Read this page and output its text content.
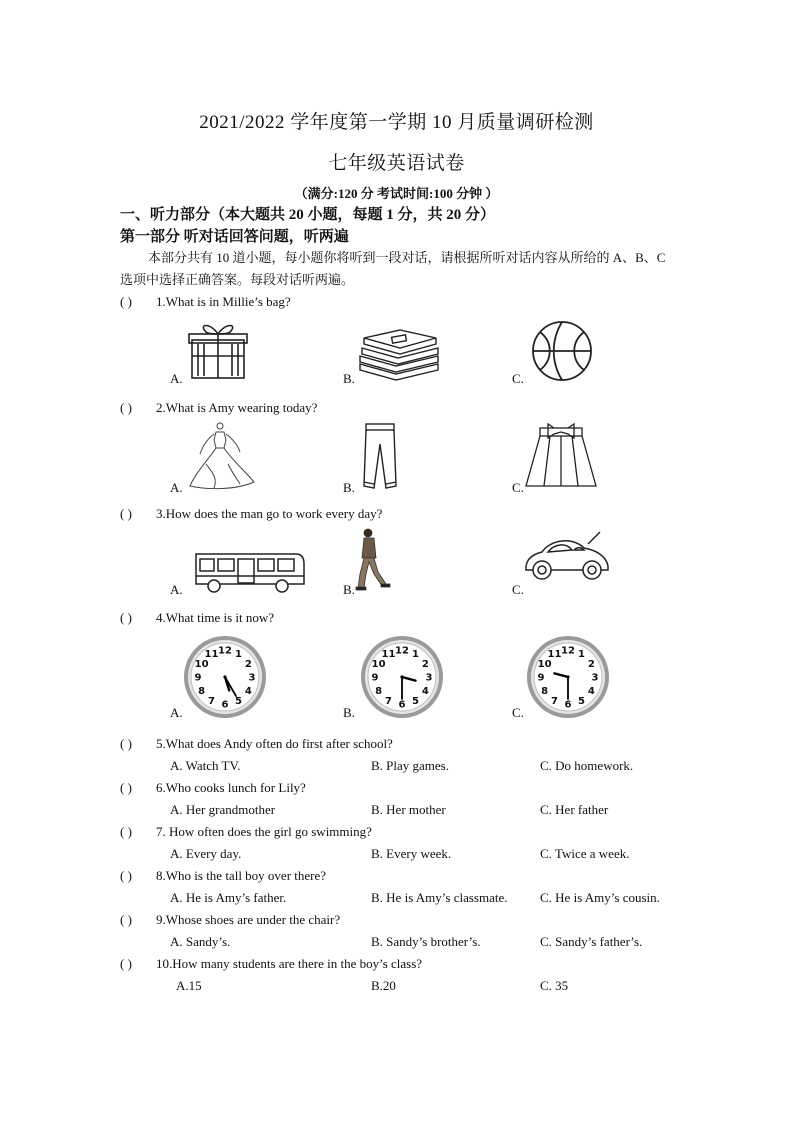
2021/2022 学年度第一学期 10 月质量调研检测
七年级英语试卷
（满分:120 分 考试时间:100 分钟 ）
一、听力部分（本大题共 20 小题，每题 1 分，共 20 分）
第一部分 听对话回答问题，听两遍
本部分共有 10 道小题，每小题你将听到一段对话，请根据所听对话内容从所给的 A、B、C 选项中选择正确答案。每段对话听两遍。
( ) 1.What is in Millie’s bag?
A.	B.	C.
( ) 2.What is Amy wearing today?
A.	B.	C.
( ) 3.How does the man go to work every day?
A.	B.	C.
( ) 4.What time is it now?
A.	B.	C.
12 1
2
3
4
5
6
7
8
9
10
11	12 1
2
3
4
5
6
7
8
9
10
11	12 1
2
3
4
5
6
7
8
9
10
11
( ) 5.What does Andy often do first after school?
A. Watch TV.	B. Play games.	C. Do homework.
( ) 6.Who cooks lunch for Lily?
A. Her grandmother	B. Her mother	C. Her father
( ) 7. How often does the girl go swimming?
A. Every day.	B. Every week.	C. Twice a week.
( ) 8.Who is the tall boy over there?
A. He is Amy’s father.	B. He is Amy’s classmate.	C. He is Amy’s cousin.
( ) 9.Whose shoes are under the chair?
A. Sandy’s.	B. Sandy’s brother’s.	C. Sandy’s father’s.
( ) 10.How many students are there in the boy’s class?
A.15	B.20	C. 35
